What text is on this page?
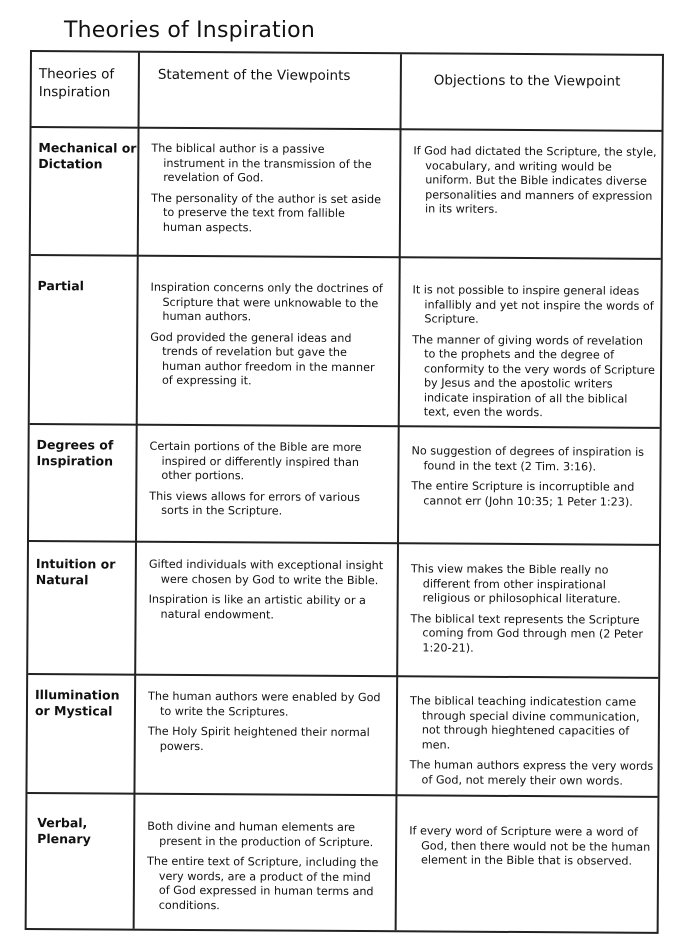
Theories of Inspiration
Theories of Inspiration
Statement of the Viewpoints	Objections to the Viewpoint
Mechanical or Dictation

The biblical author is a passive instrument in the transmission of the revelation of God.

The personality of the author is set aside to preserve the text from fallible human aspects.

If God had dictated the Scripture, the style, vocabulary, and writing would be uniform. But the Bible indicates diverse personalities and manners of expression in its writers.

Partial	Inspiration concerns only the doctrines of Scripture that were unknowable to the human authors.

God provided the general ideas and trends of revelation but gave the human author freedom in the manner of expressing it.

It is not possible to inspire general ideas infallibly and yet not inspire the words of Scripture.

The manner of giving words of revelation to the prophets and the degree of conformity to the very words of Scripture by Jesus and the apostolic writers indicate inspiration of all the biblical text, even the words.

Degrees of Inspiration

Certain portions of the Bible are more inspired or differently inspired than other portions.

This views allows for errors of various sorts in the Scripture.

No suggestion of degrees of inspiration is found in the text (2 Tim. 3:16).

The entire Scripture is incorruptible and cannot err (John 10:35; 1 Peter 1:23).

Intuition or Natural

Gifted individuals with exceptional insight were chosen by God to write the Bible.

Inspiration is like an artistic ability or a natural endowment.

This view makes the Bible really no different from other inspirational religious or philosophical literature.

The biblical text represents the Scripture coming from God through men (2 Peter 1:20-21).

Illumination or Mystical

The human authors were enabled by God to write the Scriptures.

The Holy Spirit heightened their normal powers.

The biblical teaching indicatestion came through special divine communication, not through hieghtened capacities of men.

The human authors express the very words of God, not merely their own words.

Verbal, Plenary

Both divine and human elements are present in the production of Scripture.

The entire text of Scripture, including the very words, are a product of the mind of God expressed in human terms and conditions.

If every word of Scripture were a word of God, then there would not be the human element in the Bible that is observed.
